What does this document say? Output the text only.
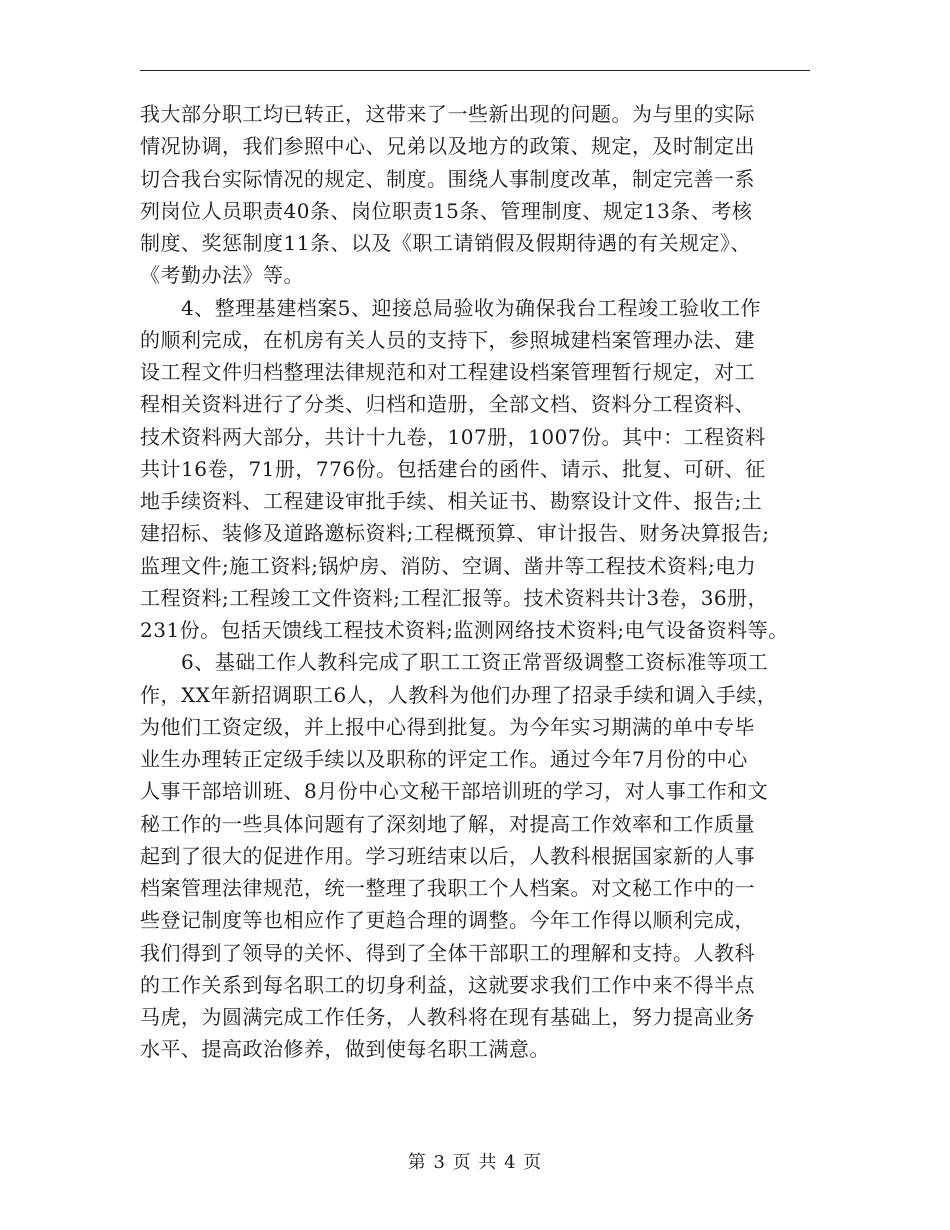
我大部分职工均已转正，这带来了一些新出现的问题。为与里的实际
情况协调，我们参照中心、兄弟以及地方的政策、规定，及时制定出
切合我台实际情况的规定、制度。围绕人事制度改革，制定完善一系
列岗位人员职责40条、岗位职责15条、管理制度、规定13条、考核
制度、奖惩制度11条、以及《职工请销假及假期待遇的有关规定》、
《考勤办法》等。
　　4、整理基建档案5、迎接总局验收为确保我台工程竣工验收工作
的顺利完成，在机房有关人员的支持下，参照城建档案管理办法、建
设工程文件归档整理法律规范和对工程建设档案管理暂行规定，对工
程相关资料进行了分类、归档和造册，全部文档、资料分工程资料、
技术资料两大部分，共计十九卷，107册，1007份。其中：工程资料
共计16卷，71册，776份。包括建台的函件、请示、批复、可研、征
地手续资料、工程建设审批手续、相关证书、勘察设计文件、报告;土
建招标、装修及道路邀标资料;工程概预算、审计报告、财务决算报告;
监理文件;施工资料;锅炉房、消防、空调、凿井等工程技术资料;电力
工程资料;工程竣工文件资料;工程汇报等。技术资料共计3卷，36册，
231份。包括天馈线工程技术资料;监测网络技术资料;电气设备资料等。
　　6、基础工作人教科完成了职工工资正常晋级调整工资标准等项工
作，XX年新招调职工6人，人教科为他们办理了招录手续和调入手续，
为他们工资定级，并上报中心得到批复。为今年实习期满的单中专毕
业生办理转正定级手续以及职称的评定工作。通过今年7月份的中心
人事干部培训班、8月份中心文秘干部培训班的学习，对人事工作和文
秘工作的一些具体问题有了深刻地了解，对提高工作效率和工作质量
起到了很大的促进作用。学习班结束以后，人教科根据国家新的人事
档案管理法律规范，统一整理了我职工个人档案。对文秘工作中的一
些登记制度等也相应作了更趋合理的调整。今年工作得以顺利完成，
我们得到了领导的关怀、得到了全体干部职工的理解和支持。人教科
的工作关系到每名职工的切身利益，这就要求我们工作中来不得半点
马虎，为圆满完成工作任务，人教科将在现有基础上，努力提高业务
水平、提高政治修养，做到使每名职工满意。
第 3 页 共 4 页
